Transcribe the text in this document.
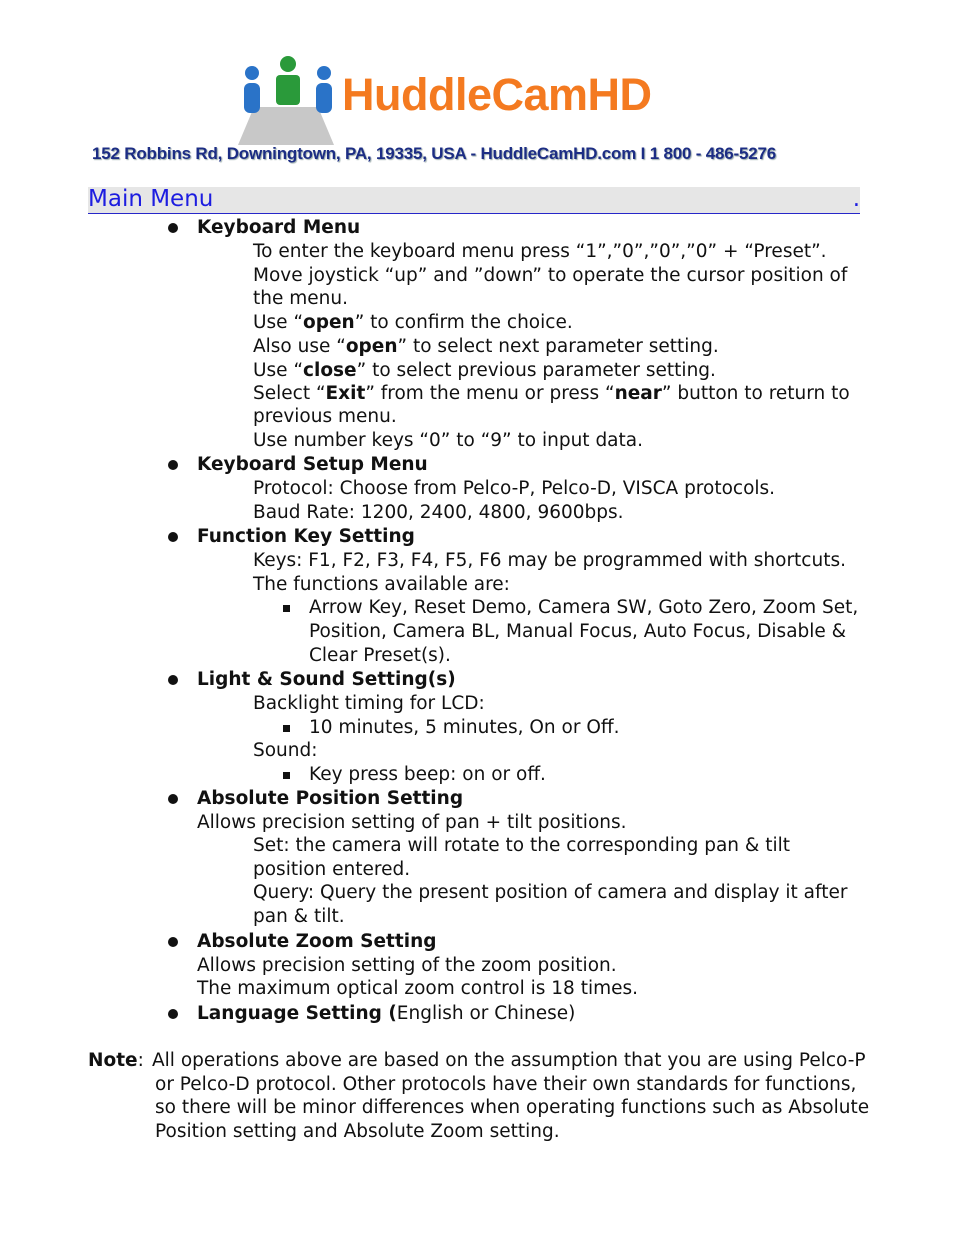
HuddleCamHD
152 Robbins Rd, Downingtown, PA, 19335, USA - HuddleCamHD.com I 1 800 - 486-5276
Main Menu	.
Keyboard Menu
To enter the keyboard menu press “1”,”0”,”0”,”0” + “Preset”.
Move joystick “up” and ”down” to operate the cursor position of
the menu.
Use “open” to confirm the choice.
Also use “open” to select next parameter setting.
Use “close” to select previous parameter setting.
Select “Exit” from the menu or press “near” button to return to
previous menu.
Use number keys “0” to “9” to input data.
Keyboard Setup Menu
Protocol: Choose from Pelco-P, Pelco-D, VISCA protocols.
Baud Rate: 1200, 2400, 4800, 9600bps.
Function Key Setting
Keys: F1, F2, F3, F4, F5, F6 may be programmed with shortcuts.
The functions available are:
Arrow Key, Reset Demo, Camera SW, Goto Zero, Zoom Set,
Position, Camera BL, Manual Focus, Auto Focus, Disable &
Clear Preset(s).
Light & Sound Setting(s)
Backlight timing for LCD:
10 minutes, 5 minutes, On or Off.
Sound:
Key press beep: on or off.
Absolute Position Setting
Allows precision setting of pan + tilt positions.
Set: the camera will rotate to the corresponding pan & tilt
position entered.
Query: Query the present position of camera and display it after
pan & tilt.
Absolute Zoom Setting
Allows precision setting of the zoom position.
The maximum optical zoom control is 18 times.
Language Setting (English or Chinese)
Note: All operations above are based on the assumption that you are using Pelco-P
or Pelco-D protocol. Other protocols have their own standards for functions,
so there will be minor differences when operating functions such as Absolute
Position setting and Absolute Zoom setting.
